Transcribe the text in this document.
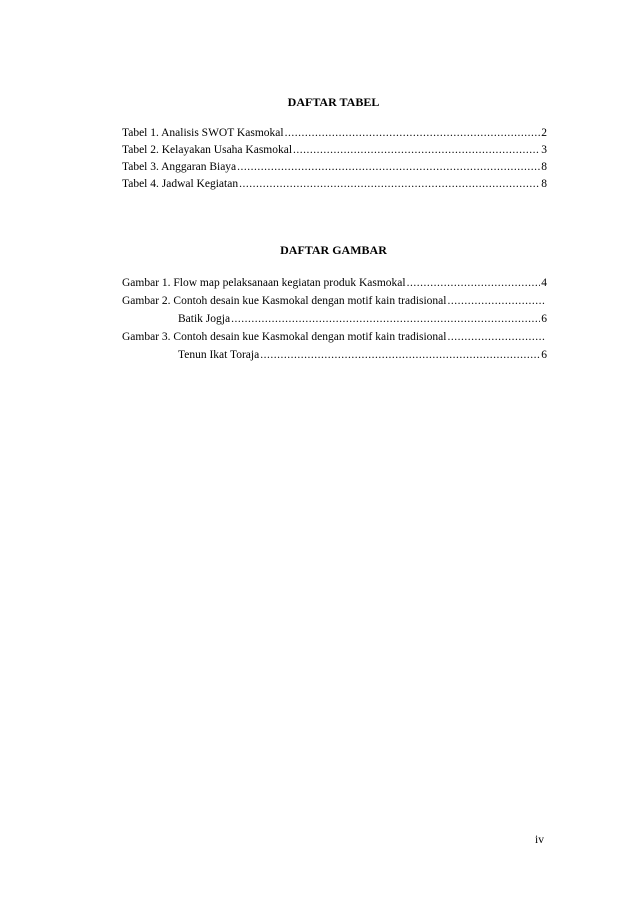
DAFTAR TABEL
Tabel 1. Analisis SWOT Kasmokal .....	2
Tabel 2. Kelayakan Usaha Kasmokal .....	3
Tabel 3. Anggaran Biaya .....	8
Tabel 4. Jadwal Kegiatan .....	8
DAFTAR GAMBAR
Gambar 1. Flow map pelaksanaan kegiatan produk Kasmokal .....	4
Gambar 2. Contoh desain kue Kasmokal dengan motif kain tradisional
.....
Batik Jogja .....	6
Gambar 3. Contoh desain kue Kasmokal dengan motif kain tradisional
.....
Tenun Ikat Toraja .....	6
iv
